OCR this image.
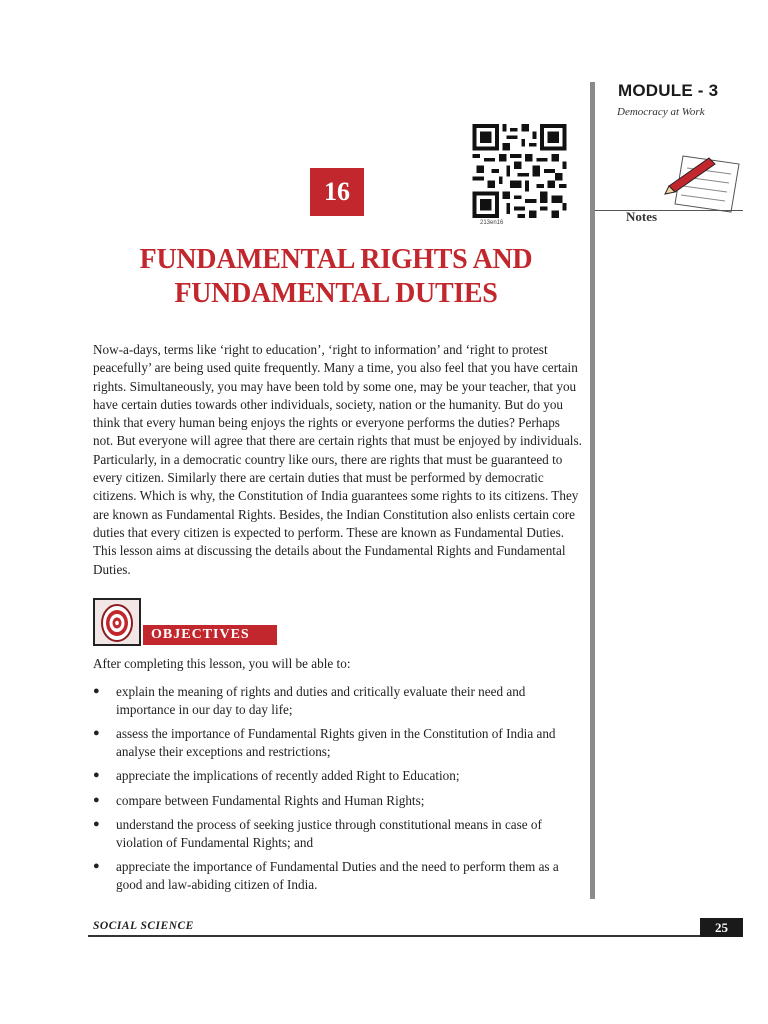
MODULE - 3
Democracy at Work
Notes
213en16
16
FUNDAMENTAL RIGHTS AND
FUNDAMENTAL DUTIES

Now-a-days, terms like ‘right to education’, ‘right to information’ and ‘right to protest peacefully’ are being used quite frequently. Many a time, you also feel that you have certain rights. Simultaneously, you may have been told by some one, may be your teacher, that you have certain duties towards other individuals, society, nation or the humanity. But do you think that every human being enjoys the rights or everyone performs the duties? Perhaps not. But everyone will agree that there are certain rights that must be enjoyed by individuals. Particularly, in a democratic country like ours, there are rights that must be guaranteed to every citizen. Similarly there are certain duties that must be performed by democratic citizens. Which is why, the Constitution of India guarantees some rights to its citizens. They are known as Fundamental Rights. Besides, the Indian Constitution also enlists certain core duties that every citizen is expected to perform. These are known as Fundamental Duties. This lesson aims at discussing the details about the Fundamental Rights and Fundamental Duties.

OBJECTIVES
After completing this lesson, you will be able to:
● explain the meaning of rights and duties and critically evaluate their need and importance in our day to day life;
● assess the importance of Fundamental Rights given in the Constitution of India and analyse their exceptions and restrictions;
● appreciate the implications of recently added Right to Education;
● compare between Fundamental Rights and Human Rights;
● understand the process of seeking justice through constitutional means in case of violation of Fundamental Rights; and
● appreciate the importance of Fundamental Duties and the need to perform them as a good and law-abiding citizen of India.
SOCIAL SCIENCE	25
